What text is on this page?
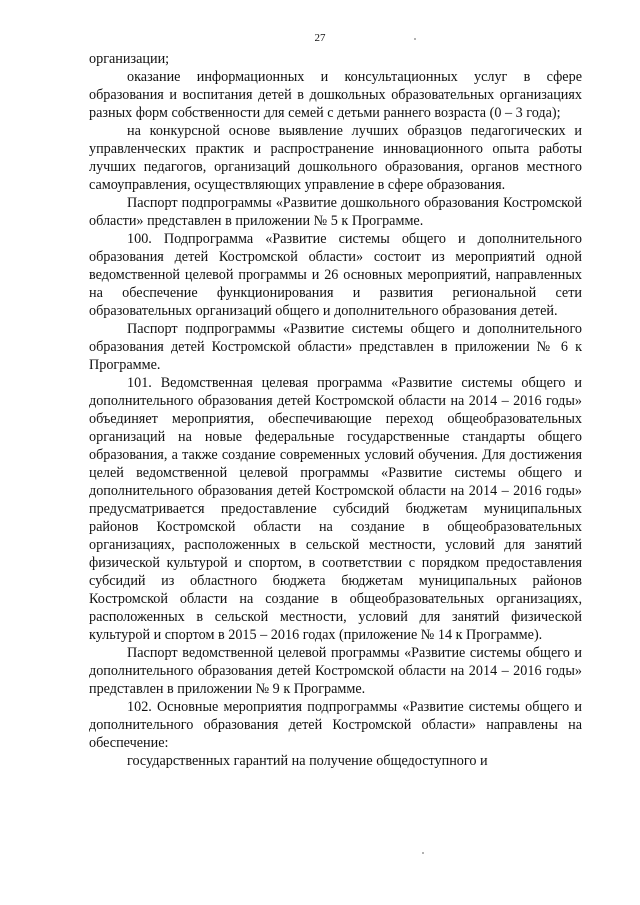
27

организации;

оказание информационных и консультационных услуг в сфере образования и воспитания детей в дошкольных образовательных организациях разных форм собственности для семей с детьми раннего возраста (0 – 3 года);

на конкурсной основе выявление лучших образцов педагогических и управленческих практик и распространение инновационного опыта работы лучших педагогов, организаций дошкольного образования, органов местного самоуправления, осуществляющих управление в сфере образования.

Паспорт подпрограммы «Развитие дошкольного образования Костромской области» представлен в приложении № 5 к Программе.

100. Подпрограмма «Развитие системы общего и дополнительного образования детей Костромской области» состоит из мероприятий одной ведомственной целевой программы и 26 основных мероприятий, направленных на обеспечение функционирования и развития региональной сети образовательных организаций общего и дополнительного образования детей.

Паспорт подпрограммы «Развитие системы общего и дополнительного образования детей Костромской области» представлен в приложении № 6 к Программе.

101. Ведомственная целевая программа «Развитие системы общего и дополнительного образования детей Костромской области на 2014 – 2016 годы» объединяет мероприятия, обеспечивающие переход общеобразовательных организаций на новые федеральные государственные стандарты общего образования, а также создание современных условий обучения. Для достижения целей ведомственной целевой программы «Развитие системы общего и дополнительного образования детей Костромской области на 2014 – 2016 годы» предусматривается предоставление субсидий бюджетам муниципальных районов Костромской области на создание в общеобразовательных организациях, расположенных в сельской местности, условий для занятий физической культурой и спортом, в соответствии с порядком предоставления субсидий из областного бюджета бюджетам муниципальных районов Костромской области на создание в общеобразовательных организациях, расположенных в сельской местности, условий для занятий физической культурой и спортом в 2015 – 2016 годах (приложение № 14 к Программе).

Паспорт ведомственной целевой программы «Развитие системы общего и дополнительного образования детей Костромской области на 2014 – 2016 годы» представлен в приложении № 9 к Программе.

102. Основные мероприятия подпрограммы «Развитие системы общего и дополнительного образования детей Костромской области» направлены на обеспечение:

государственных гарантий на получение общедоступного и
